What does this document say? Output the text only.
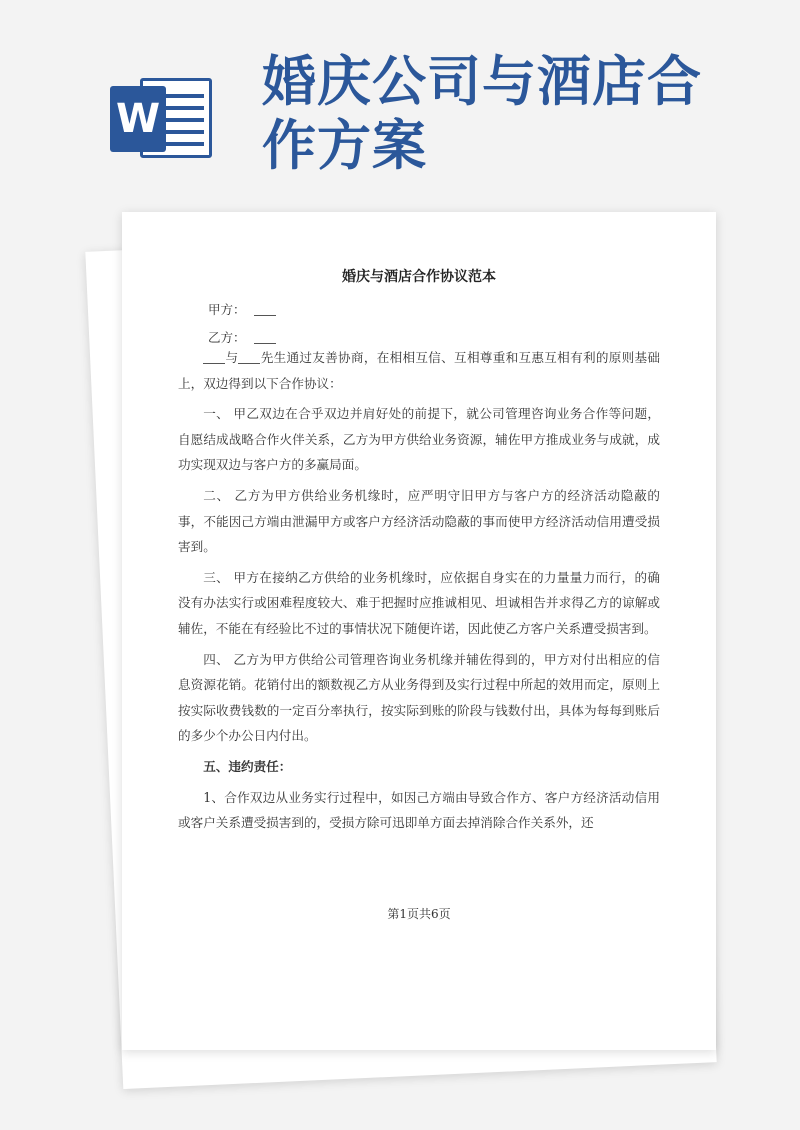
W
婚庆公司与酒店合作方案
婚庆与酒店合作协议范本
甲方：
乙方：

与 先生通过友善协商，在相相互信、互相尊重和互惠互相有利的原则基础上，双边得到以下合作协议：

一、 甲乙双边在合乎双边并肩好处的前提下，就公司管理咨询业务合作等问题，自愿结成战略合作火伴关系，乙方为甲方供给业务资源，辅佐甲方推成业务与成就，成功实现双边与客户方的多赢局面。

二、 乙方为甲方供给业务机缘时，应严明守旧甲方与客户方的经济活动隐蔽的事，不能因己方端由泄漏甲方或客户方经济活动隐蔽的事而使甲方经济活动信用遭受损害到。

三、 甲方在接纳乙方供给的业务机缘时，应依据自身实在的力量量力而行，的确没有办法实行或困难程度较大、难于把握时应推诚相见、坦诚相告并求得乙方的谅解或辅佐，不能在有经验比不过的事情状况下随便许诺，因此使乙方客户关系遭受损害到。

四、 乙方为甲方供给公司管理咨询业务机缘并辅佐得到的，甲方对付出相应的信息资源花销。花销付出的额数视乙方从业务得到及实行过程中所起的效用而定，原则上按实际收费钱数的一定百分率执行，按实际到账的阶段与钱数付出，具体为每每到账后的多少个办公日内付出。

五、违约责任：

1、合作双边从业务实行过程中，如因己方端由导致合作方、客户方经济活动信用或客户关系遭受损害到的，受损方除可迅即单方面去掉消除合作关系外，还

第1页共6页
